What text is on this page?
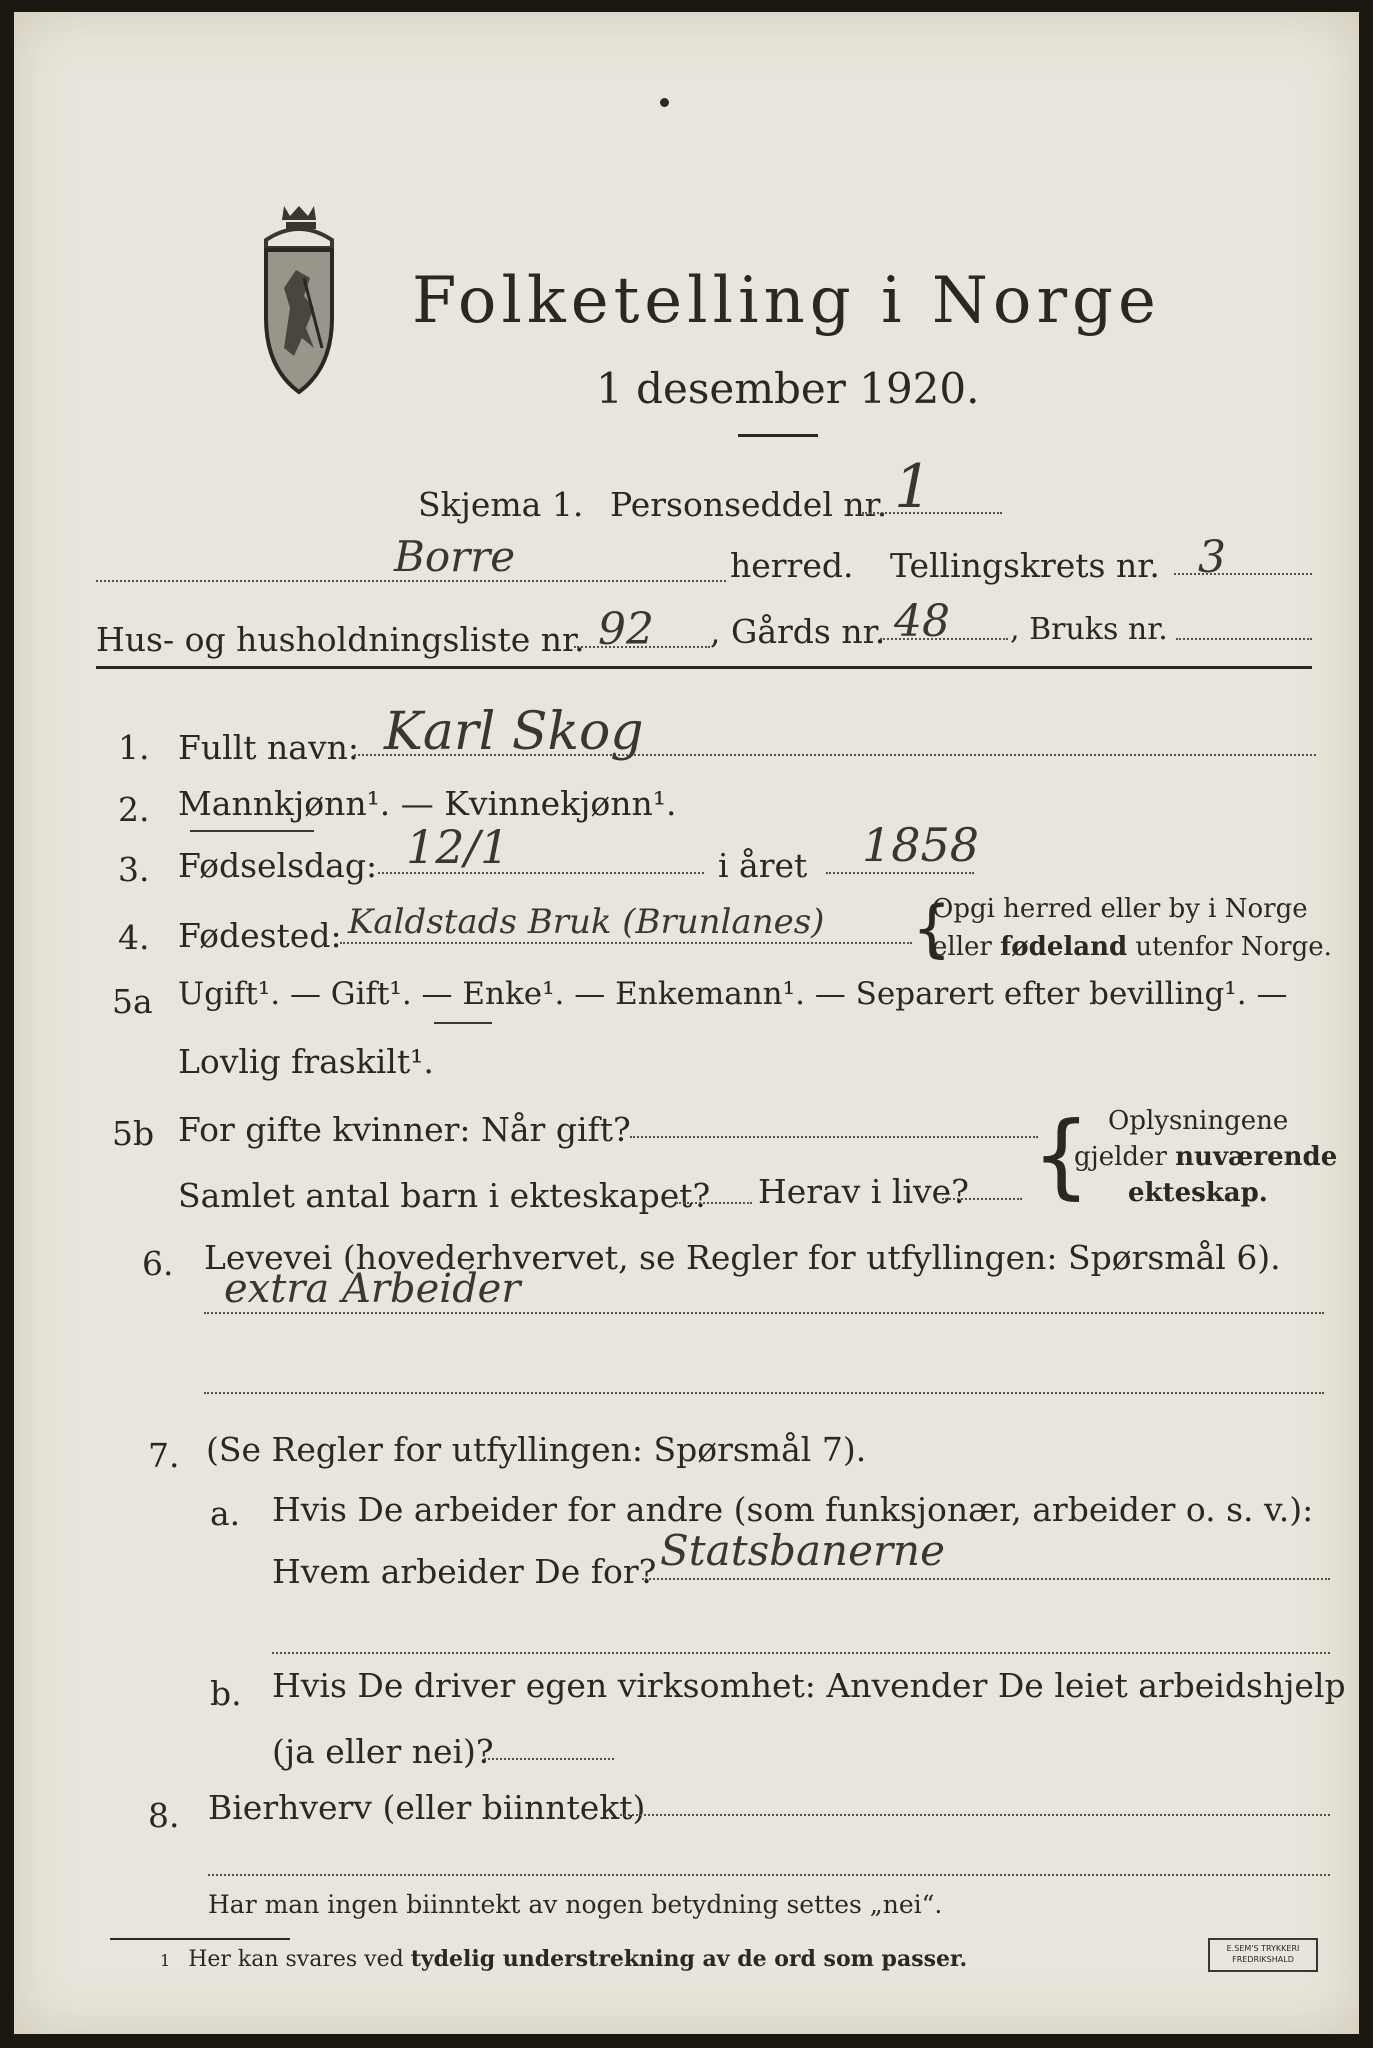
Folketelling i Norge
1 desember 1920.
Skjema 1. Personseddel nr. 1
Borre	herred. Tellingskrets nr. 3
Hus- og husholdningsliste nr. 92 , Gårds nr. 48 , Bruks nr.
1. Fullt navn: Karl Skog
2. Mannkjønn¹. — Kvinnekjønn¹.
3. Fødselsdag: 12/1	i året 1858
4. Fødested: Kaldstads Bruk (Brunlanes) {
Opgi herred eller by i Norge
eller fødeland utenfor Norge.
5a Ugift¹. — Gift¹. — Enke¹. — Enkemann¹. — Separert efter bevilling¹. —
Lovlig fraskilt¹.
5b For gifte kvinner: Når gift?
Samlet antal barn i ekteskapet? Herav i live? { Oplysningene
gjelder nuværende
ekteskap.
6. Levevei (hovederhvervet, se Regler for utfyllingen: Spørsmål 6).
extra Arbeider
7. (Se Regler for utfyllingen: Spørsmål 7).
a. Hvis De arbeider for andre (som funksjonær, arbeider o. s. v.):
Hvem arbeider De for? Statsbanerne
b. Hvis De driver egen virksomhet: Anvender De leiet arbeidshjelp
(ja eller nei)?
8. Bierhverv (eller biinntekt)
Har man ingen biinntekt av nogen betydning settes „nei“.
1 Her kan svares ved tydelig understrekning av de ord som passer.	E.SEM'S TRYKKERI
FREDRIKSHALD
